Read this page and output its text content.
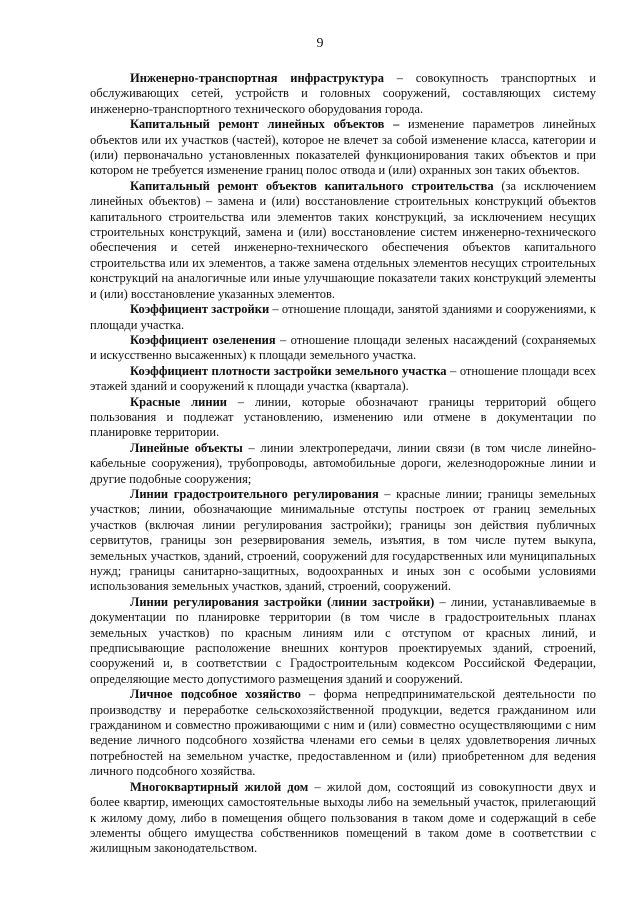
9

Инженерно-транспортная инфраструктура – совокупность транспортных и обслуживающих сетей, устройств и головных сооружений, составляющих систему инженерно-транспортного технического оборудования города.

Капитальный ремонт линейных объектов – изменение параметров линейных объектов или их участков (частей), которое не влечет за собой изменение класса, категории и (или) первоначально установленных показателей функционирования таких объектов и при котором не требуется изменение границ полос отвода и (или) охранных зон таких объектов.

Капитальный ремонт объектов капитального строительства (за исключением линейных объектов) – замена и (или) восстановление строительных конструкций объектов капитального строительства или элементов таких конструкций, за исключением несущих строительных конструкций, замена и (или) восстановление систем инженерно-технического обеспечения и сетей инженерно-технического обеспечения объектов капитального строительства или их элементов, а также замена отдельных элементов несущих строительных конструкций на аналогичные или иные улучшающие показатели таких конструкций элементы и (или) восстановление указанных элементов.

Коэффициент застройки – отношение площади, занятой зданиями и сооружениями, к площади участка.

Коэффициент озеленения – отношение площади зеленых насаждений (сохраняемых и искусственно высаженных) к площади земельного участка.

Коэффициент плотности застройки земельного участка – отношение площади всех этажей зданий и сооружений к площади участка (квартала).

Красные линии – линии, которые обозначают границы территорий общего пользования и подлежат установлению, изменению или отмене в документации по планировке территории.

Линейные объекты – линии электропередачи, линии связи (в том числе линейно-кабельные сооружения), трубопроводы, автомобильные дороги, железнодорожные линии и другие подобные сооружения;

Линии градостроительного регулирования – красные линии; границы земельных участков; линии, обозначающие минимальные отступы построек от границ земельных участков (включая линии регулирования застройки); границы зон действия публичных сервитутов, границы зон резервирования земель, изъятия, в том числе путем выкупа, земельных участков, зданий, строений, сооружений для государственных или муниципальных нужд; границы санитарно-защитных, водоохранных и иных зон с особыми условиями использования земельных участков, зданий, строений, сооружений.

Линии регулирования застройки (линии застройки) – линии, устанавливаемые в документации по планировке территории (в том числе в градостроительных планах земельных участков) по красным линиям или с отступом от красных линий, и предписывающие расположение внешних контуров проектируемых зданий, строений, сооружений и, в соответствии с Градостроительным кодексом Российской Федерации, определяющие место допустимого размещения зданий и сооружений.

Личное подсобное хозяйство – форма непредпринимательской деятельности по производству и переработке сельскохозяйственной продукции, ведется гражданином или гражданином и совместно проживающими с ним и (или) совместно осуществляющими с ним ведение личного подсобного хозяйства членами его семьи в целях удовлетворения личных потребностей на земельном участке, предоставленном и (или) приобретенном для ведения личного подсобного хозяйства.

Многоквартирный жилой дом – жилой дом, состоящий из совокупности двух и более квартир, имеющих самостоятельные выходы либо на земельный участок, прилегающий к жилому дому, либо в помещения общего пользования в таком доме и содержащий в себе элементы общего имущества собственников помещений в таком доме в соответствии с жилищным законодательством.
